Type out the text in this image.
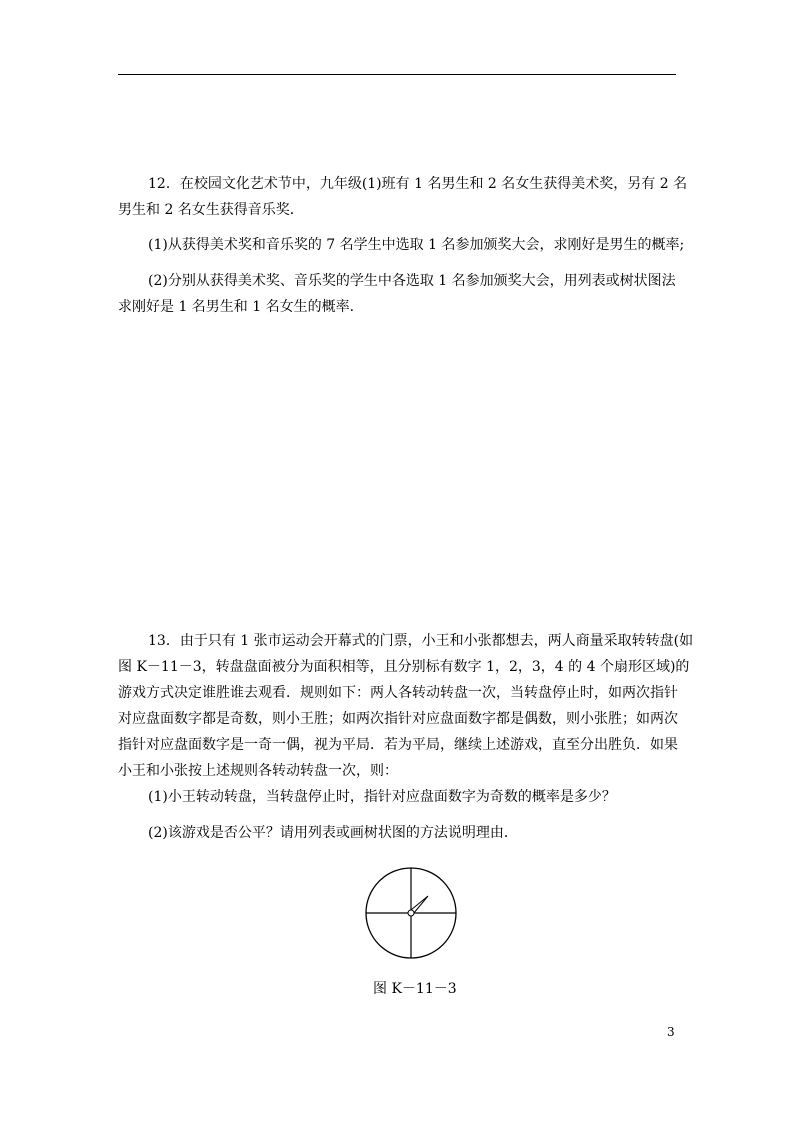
12．在校园文化艺术节中，九年级(1)班有 1 名男生和 2 名女生获得美术奖，另有 2 名
男生和 2 名女生获得音乐奖．
(1)从获得美术奖和音乐奖的 7 名学生中选取 1 名参加颁奖大会，求刚好是男生的概率;
(2)分别从获得美术奖、音乐奖的学生中各选取 1 名参加颁奖大会，用列表或树状图法
求刚好是 1 名男生和 1 名女生的概率．
13．由于只有 1 张市运动会开幕式的门票，小王和小张都想去，两人商量采取转转盘(如
图 K－11－3，转盘盘面被分为面积相等，且分别标有数字 1，2，3，4 的 4 个扇形区域)的
游戏方式决定谁胜谁去观看．规则如下：两人各转动转盘一次，当转盘停止时，如两次指针
对应盘面数字都是奇数，则小王胜；如两次指针对应盘面数字都是偶数，则小张胜；如两次
指针对应盘面数字是一奇一偶，视为平局．若为平局，继续上述游戏，直至分出胜负．如果
小王和小张按上述规则各转动转盘一次，则：
(1)小王转动转盘，当转盘停止时，指针对应盘面数字为奇数的概率是多少？
(2)该游戏是否公平？请用列表或画树状图的方法说明理由．
图 K－11－3
3
